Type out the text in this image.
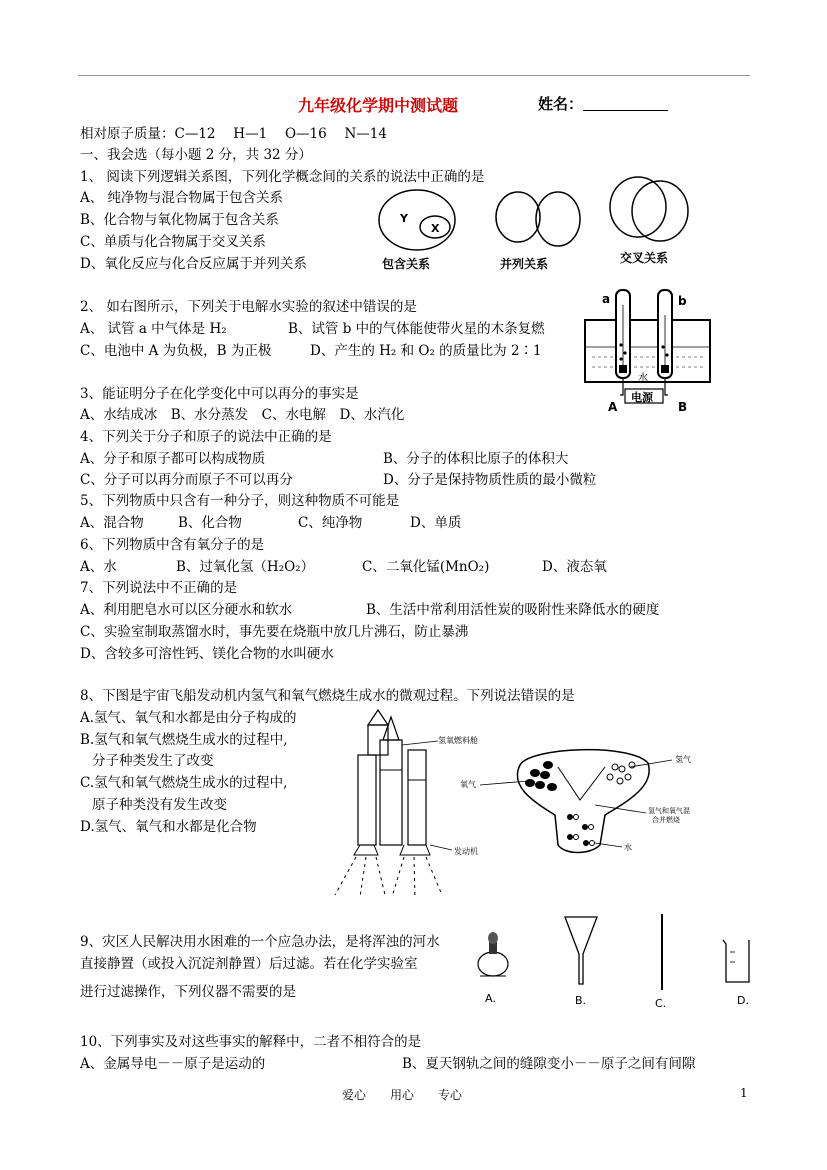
九年级化学期中测试题	姓名：
相对原子质量：C—12　 H—1　 O—16　 N—14
一、我会选（每小题 2 分，共 32 分）
1、 阅读下列逻辑关系图，下列化学概念间的关系的说法中正确的是
A、 纯净物与混合物属于包含关系
B、化合物与氧化物属于包含关系
C、单质与化合物属于交叉关系
D、氧化反应与化合反应属于并列关系
Y
X
包含关系	并列关系	交叉关系
2、 如右图所示，下列关于电解水实验的叙述中错误的是
A、 试管 a 中气体是 H₂	B、试管 b 中的气体能使带火星的木条复燃
C、电池中 A 为负极，B 为正极	D、产生的 H₂ 和 O₂ 的质量比为 2∶1
a	b
水
电源
A	B
3、能证明分子在化学变化中可以再分的事实是
A、水结成冰　B、水分蒸发　C、水电解　D、水汽化
4、下列关于分子和原子的说法中正确的是
A、分子和原子都可以构成物质	B、分子的体积比原子的体积大
C、分子可以再分而原子不可以再分	D、分子是保持物质性质的最小微粒
5、下列物质中只含有一种分子，则这种物质不可能是
A、混合物	B、化合物	C、纯净物	D、单质
6、下列物质中含有氧分子的是
A、水	B、过氧化氢（H₂O₂）	C、二氧化锰(MnO₂)	D、液态氧
7、下列说法中不正确的是
A、利用肥皂水可以区分硬水和软水	B、生活中常利用活性炭的吸附性来降低水的硬度
C、实验室制取蒸馏水时，事先要在烧瓶中放几片沸石，防止暴沸
D、含较多可溶性钙、镁化合物的水叫硬水
8、下图是宇宙飞船发动机内氢气和氧气燃烧生成水的微观过程。下列说法错误的是
A.氢气、氧气和水都是由分子构成的
B.氢气和氧气燃烧生成水的过程中,
分子种类发生了改变
C.氢气和氧气燃烧生成水的过程中,
原子种类没有发生改变
D.氢气、氧气和水都是化合物
氢氧燃料舱
发动机
氧气
氢气
氢气和氧气混
合并燃烧
水
9、灾区人民解决用水困难的一个应急办法，是将浑浊的河水
直接静置（或投入沉淀剂静置）后过滤。若在化学实验室
进行过滤操作，下列仪器不需要的是	A.	B.	C.	D.
10、下列事实及对这些事实的解释中，二者不相符合的是
A、金属导电－－原子是运动的	B、夏天钢轨之间的缝隙变小－－原子之间有间隙
爱心　　用心　　专心	1
